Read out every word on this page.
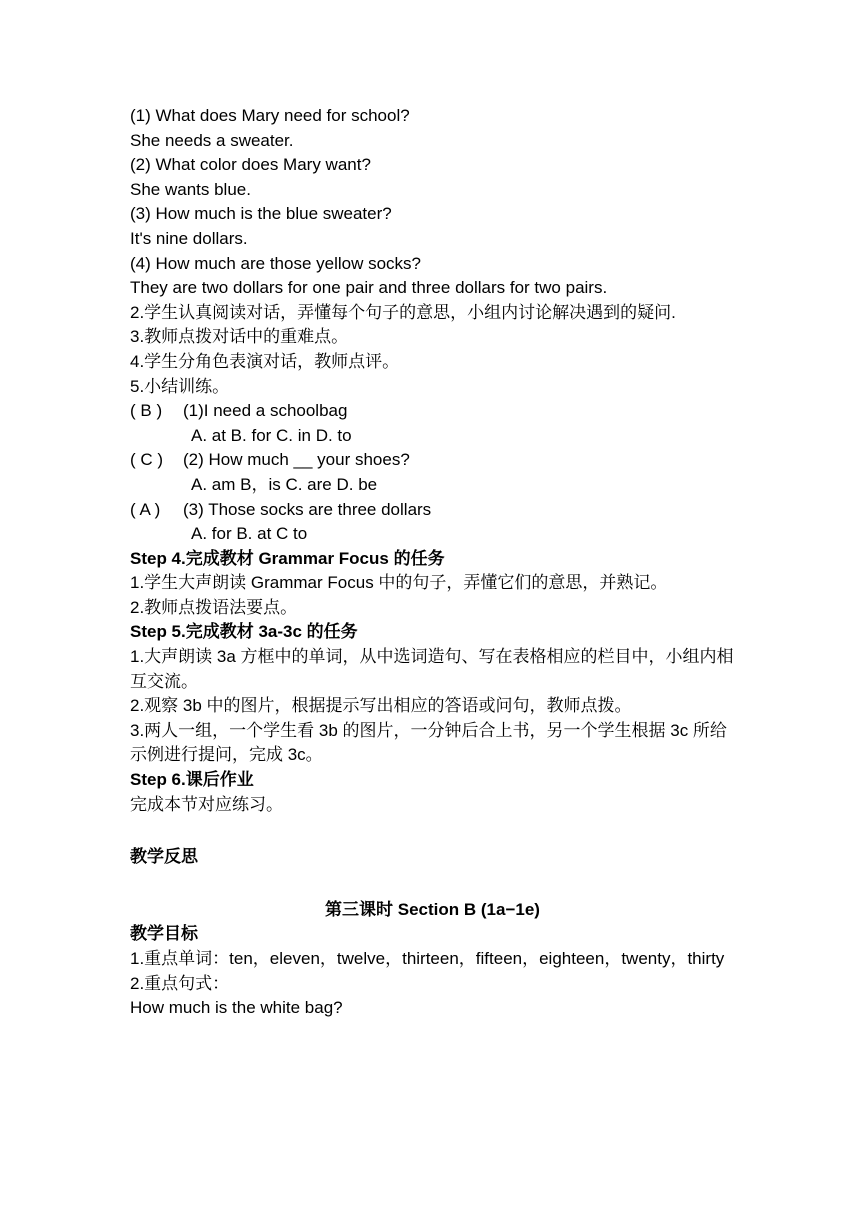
(1) What does Mary need for school?
She needs a sweater.
(2) What color does Mary want?
She wants blue.
(3) How much is the blue sweater?
It's nine dollars.
(4) How much are those yellow socks?
They are two dollars for one pair and three dollars for two pairs.
2.学生认真阅读对话，弄懂每个句子的意思，小组内讨论解决遇到的疑问.
3.教师点拨对话中的重难点。
4.学生分角色表演对话，教师点评。
5.小结训练。
( B ) (1)I need a schoolbag
A. at B. for C. in D. to
( C ) (2) How much __ your shoes?
A. am B，is C. are D. be
( A ) (3) Those socks are three dollars
A. for B. at C to
Step 4.完成教材 Grammar Focus 的任务
1.学生大声朗读 Grammar Focus 中的句子，弄懂它们的意思，并熟记。
2.教师点拨语法要点。
Step 5.完成教材 3a-3c 的任务
1.大声朗读 3a 方框中的单词，从中选词造句、写在表格相应的栏目中，小组内相互交流。
2.观察 3b 中的图片，根据提示写出相应的答语或问句，教师点拨。
3.两人一组，一个学生看 3b 的图片，一分钟后合上书，另一个学生根据 3c 所给示例进行提问，完成 3c。
Step 6.课后作业
完成本节对应练习。
教学反思
第三课时 Section B (1a−1e)
教学目标
1.重点单词：ten，eleven，twelve，thirteen，fifteen，eighteen，twenty，thirty
2.重点句式：
How much is the white bag?
